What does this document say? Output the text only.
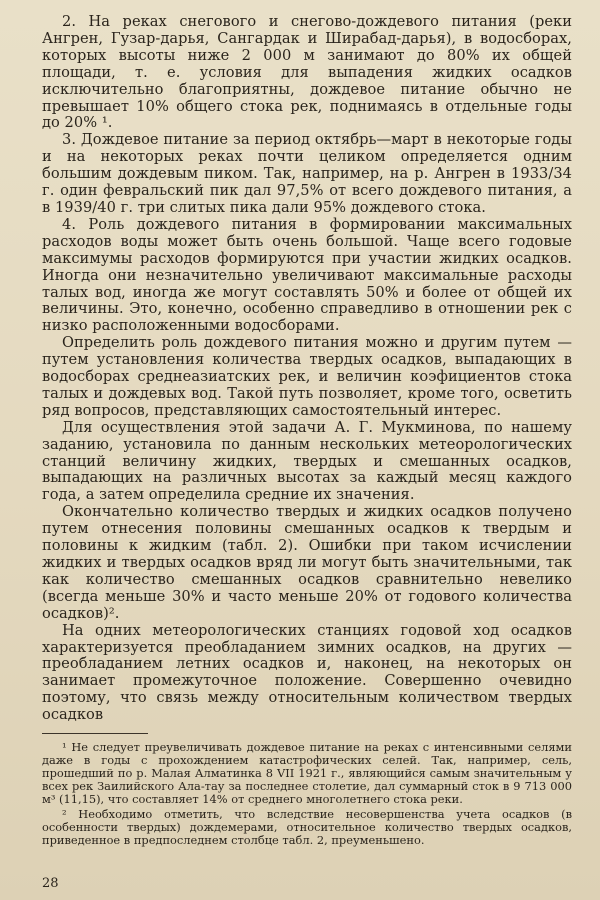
2. На реках снегового и снегово-дождевого питания (реки Ангрен, Гузар-дарья, Сангардак и Ширабад-дарья), в водосборах, которых высоты ниже 2 000 м занимают до 80% их общей площади, т. е. условия для выпадения жидких осадков исключительно благоприятны, дождевое питание обычно не превышает 10% общего стока рек, поднимаясь в отдельные годы до 20% ¹.

3. Дождевое питание за период октябрь—март в некоторые годы и на некоторых реках почти целиком определяется одним большим дождевым пиком. Так, например, на р. Ангрен в 1933/34 г. один февральский пик дал 97,5% от всего дождевого питания, а в 1939/40 г. три слитых пика дали 95% дождевого стока.

4. Роль дождевого питания в формировании максимальных расходов воды может быть очень большой. Чаще всего годовые максимумы расходов формируются при участии жидких осадков. Иногда они незначительно увеличивают максимальные расходы талых вод, иногда же могут составлять 50% и более от общей их величины. Это, конечно, особенно справедливо в отношении рек с низко расположенными водосборами.

Определить роль дождевого питания можно и другим путем — путем установления количества твердых осадков, выпадающих в водосборах среднеазиатских рек, и величин коэфициентов стока талых и дождевых вод. Такой путь позволяет, кроме того, осветить ряд вопросов, представляющих самостоятельный интерес.

Для осуществления этой задачи А. Г. Мукминова, по нашему заданию, установила по данным нескольких метеорологических станций величину жидких, твердых и смешанных осадков, выпадающих на различных высотах за каждый месяц каждого года, а затем определила средние их значения.

Окончательно количество твердых и жидких осадков получено путем отнесения половины смешанных осадков к твердым и половины к жидким (табл. 2). Ошибки при таком исчислении жидких и твердых осадков вряд ли могут быть значительными, так как количество смешанных осадков сравнительно невелико (всегда меньше 30% и часто меньше 20% от годового количества осадков)².

На одних метеорологических станциях годовой ход осадков характеризуется преобладанием зимних осадков, на других — преобладанием летних осадков и, наконец, на некоторых он занимает промежуточное положение. Совершенно очевидно поэтому, что связь между относительным количеством твердых осадков

¹ Не следует преувеличивать дождевое питание на реках с интенсивными селями даже в годы с прохождением катастрофических селей. Так, например, сель, прошедший по р. Малая Алматинка 8 VII 1921 г., являющийся самым значительным у всех рек Заилийского Ала-тау за последнее столетие, дал суммарный сток в 9 713 000 м³ (11,15), что составляет 14% от среднего многолетнего стока реки.

² Необходимо отметить, что вследствие несовершенства учета осадков (в особенности твердых) дождемерами, относительное количество твердых осадков, приведенное в предпоследнем столбце табл. 2, преуменьшено.

28
